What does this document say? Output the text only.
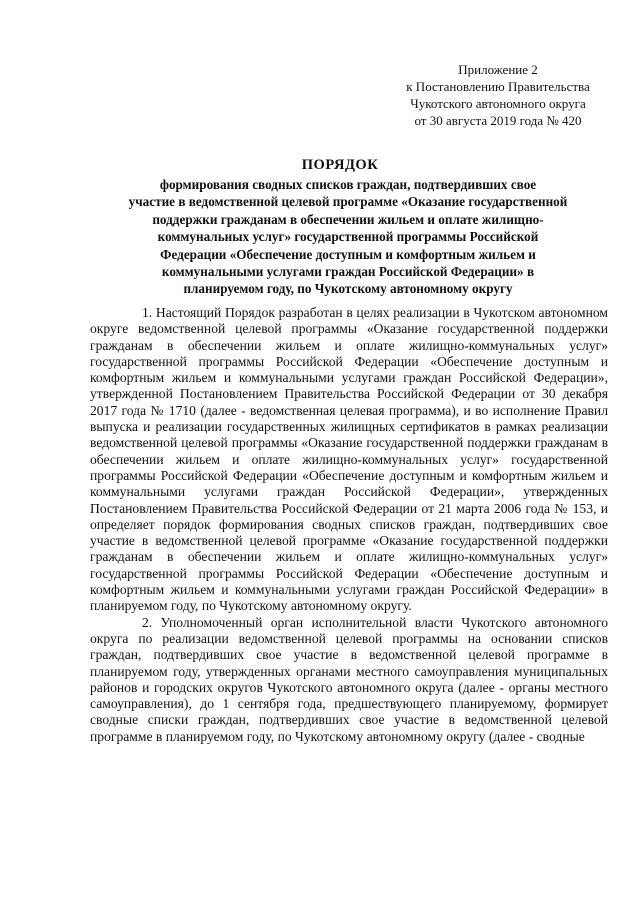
Приложение 2
к Постановлению Правительства
Чукотского автономного округа
от 30 августа 2019 года № 420
ПОРЯДОК
формирования сводных списков граждан, подтвердивших свое
участие в ведомственной целевой программе «Оказание государственной
поддержки гражданам в обеспечении жильем и оплате жилищно-
коммунальных услуг» государственной программы Российской
Федерации «Обеспечение доступным и комфортным жильем и
коммунальными услугами граждан Российской Федерации» в
планируемом году, по Чукотскому автономному округу

1. Настоящий Порядок разработан в целях реализации в Чукотском автономном округе ведомственной целевой программы «Оказание государственной поддержки гражданам в обеспечении жильем и оплате жилищно-коммунальных услуг» государственной программы Российской Федерации «Обеспечение доступным и комфортным жильем и коммунальными услугами граждан Российской Федерации», утвержденной Постановлением Правительства Российской Федерации от 30 декабря 2017 года № 1710 (далее - ведомственная целевая программа), и во исполнение Правил выпуска и реализации государственных жилищных сертификатов в рамках реализации ведомственной целевой программы «Оказание государственной поддержки гражданам в обеспечении жильем и оплате жилищно-коммунальных услуг» государственной программы Российской Федерации «Обеспечение доступным и комфортным жильем и коммунальными услугами граждан Российской Федерации», утвержденных Постановлением Правительства Российской Федерации от 21 марта 2006 года № 153, и определяет порядок формирования сводных списков граждан, подтвердивших свое участие в ведомственной целевой программе «Оказание государственной поддержки гражданам в обеспечении жильем и оплате жилищно-коммунальных услуг» государственной программы Российской Федерации «Обеспечение доступным и комфортным жильем и коммунальными услугами граждан Российской Федерации» в планируемом году, по Чукотскому автономному округу.

2. Уполномоченный орган исполнительной власти Чукотского автономного округа по реализации ведомственной целевой программы на основании списков граждан, подтвердивших свое участие в ведомственной целевой программе в планируемом году, утвержденных органами местного самоуправления муниципальных районов и городских округов Чукотского автономного округа (далее - органы местного самоуправления), до 1 сентября года, предшествующего планируемому, формирует сводные списки граждан, подтвердивших свое участие в ведомственной целевой программе в планируемом году, по Чукотскому автономному округу (далее - сводные
